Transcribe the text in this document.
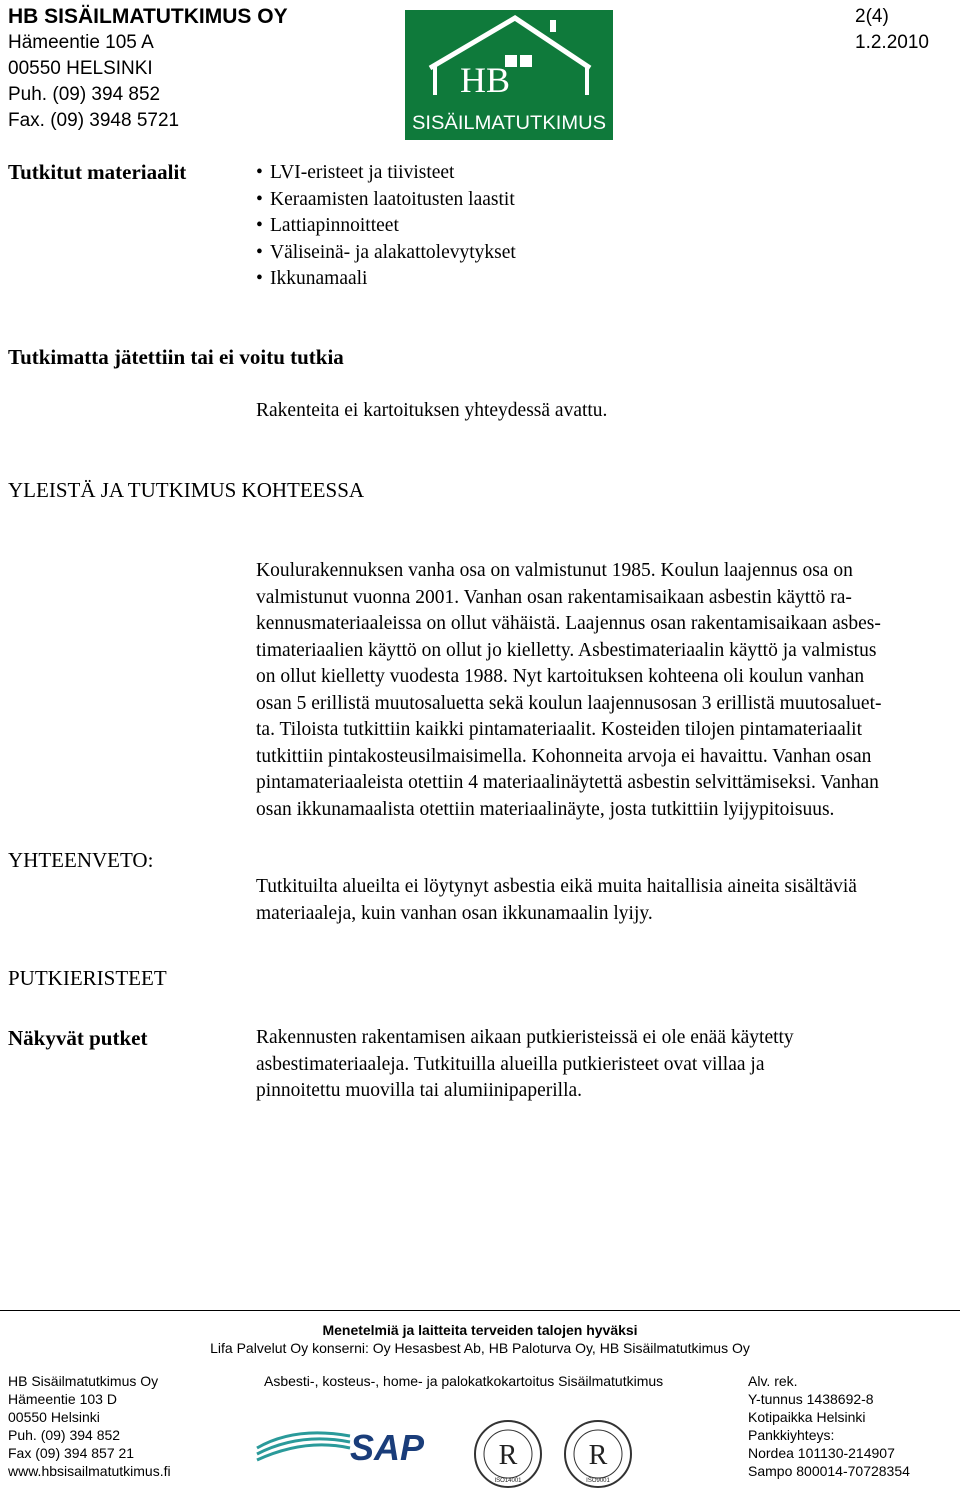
HB SISÄILMATUTKIMUS OY
Hämeentie 105 A
00550 HELSINKI
Puh. (09) 394 852
Fax. (09) 3948 5721
HB
SISÄILMATUTKIMUS
2(4)
1.2.2010
Tutkitut materiaalit
•	LVI-eristeet ja tiivisteet
• Keraamisten laatoitusten laastit
• Lattiapinnoitteet
• Väliseinä- ja alakattolevytykset
• Ikkunamaali
Tutkimatta jätettiin tai ei voitu tutkia
Rakenteita ei kartoituksen yhteydessä avattu.
YLEISTÄ JA TUTKIMUS KOHTEESSA
Koulurakennuksen vanha osa on valmistunut 1985. Koulun laajennus osa on
valmistunut vuonna 2001. Vanhan osan rakentamisaikaan asbestin käyttö ra-
kennusmateriaaleissa on ollut vähäistä. Laajennus osan rakentamisaikaan asbes-
timateriaalien käyttö on ollut jo kielletty. Asbestimateriaalin käyttö ja valmistus
on ollut kielletty vuodesta 1988. Nyt kartoituksen kohteena oli koulun vanhan
osan 5 erillistä muutosaluetta sekä koulun laajennusosan 3 erillistä muutosaluet-
ta. Tiloista tutkittiin kaikki pintamateriaalit. Kosteiden tilojen pintamateriaalit
tutkittiin pintakosteusilmaisimella. Kohonneita arvoja ei havaittu. Vanhan osan
pintamateriaaleista otettiin 4 materiaalinäytettä asbestin selvittämiseksi. Vanhan
osan ikkunamaalista otettiin materiaalinäyte, josta tutkittiin lyijypitoisuus.
YHTEENVETO:
Tutkituilta alueilta ei löytynyt asbestia eikä muita haitallisia aineita sisältäviä
materiaaleja, kuin vanhan osan ikkunamaalin lyijy.
PUTKIERISTEET
Näkyvät putket	Rakennusten rakentamisen aikaan putkieristeissä ei ole enää käytetty
asbestimateriaaleja. Tutkituilla alueilla putkieristeet ovat villaa ja
pinnoitettu muovilla tai alumiinipaperilla.
Menetelmiä ja laitteita terveiden talojen hyväksi
Lifa Palvelut Oy konserni: Oy Hesasbest Ab, HB Paloturva Oy, HB Sisäilmatutkimus Oy
HB Sisäilmatutkimus Oy
Hämeentie 103 D
00550 Helsinki
Puh. (09) 394 852
Fax (09) 394 857 21
www.hbsisailmatutkimus.fi
Asbesti-, kosteus-, home- ja palokatkokartoitus Sisäilmatutkimus	Alv. rek.
Y-tunnus 1438692-8
Kotipaikka Helsinki
Pankkiyhteys:
Nordea 101130-214907
Sampo 800014-70728354
SAP	R
ISO14001
R
ISO9001
